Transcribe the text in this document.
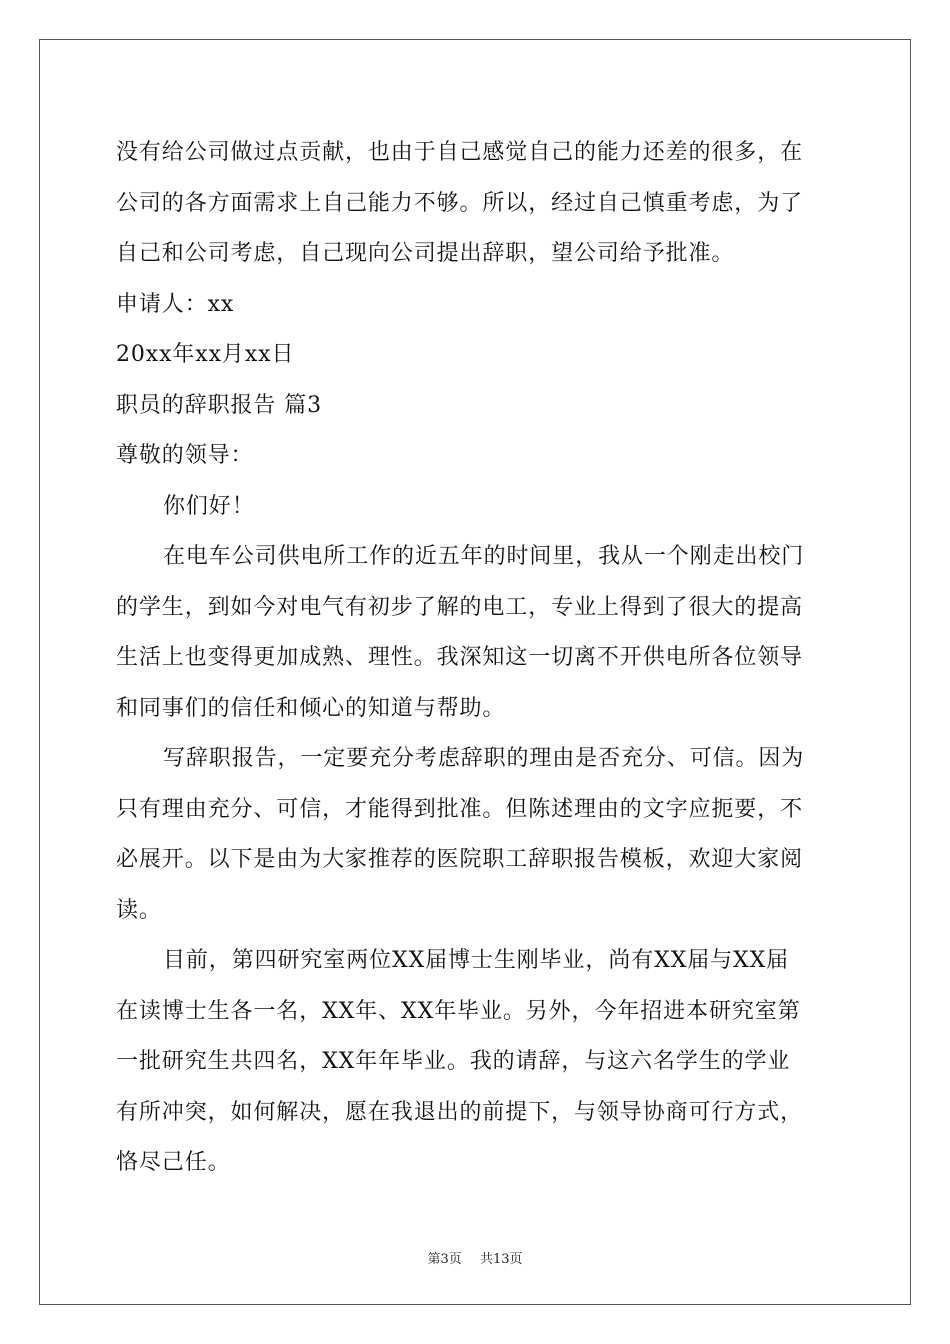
没有给公司做过点贡献，也由于自己感觉自己的能力还差的很多，在
公司的各方面需求上自己能力不够。所以，经过自己慎重考虑，为了
自己和公司考虑，自己现向公司提出辞职，望公司给予批准。
申请人：xx
20xx年xx月xx日
职员的辞职报告 篇3
尊敬的领导：
你们好！
在电车公司供电所工作的近五年的时间里，我从一个刚走出校门
的学生，到如今对电气有初步了解的电工，专业上得到了很大的提高
生活上也变得更加成熟、理性。我深知这一切离不开供电所各位领导
和同事们的信任和倾心的知道与帮助。
写辞职报告，一定要充分考虑辞职的理由是否充分、可信。因为
只有理由充分、可信，才能得到批准。但陈述理由的文字应扼要，不
必展开。以下是由为大家推荐的医院职工辞职报告模板，欢迎大家阅
读。
目前，第四研究室两位XX届博士生刚毕业，尚有XX届与XX届
在读博士生各一名，XX年、XX年毕业。另外，今年招进本研究室第
一批研究生共四名，XX年年毕业。我的请辞，与这六名学生的学业
有所冲突，如何解决，愿在我退出的前提下，与领导协商可行方式，
恪尽己任。
第3页 共13页
